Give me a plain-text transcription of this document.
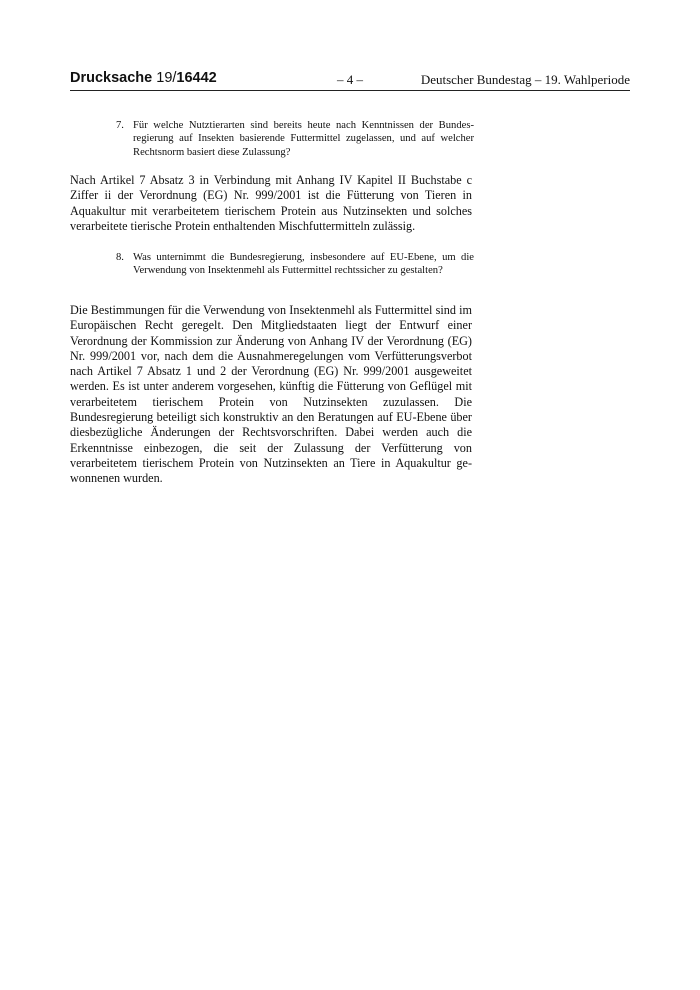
Drucksache 19/16442	– 4 –	Deutscher Bundestag – 19. Wahlperiode
7. Für welche Nutztierarten sind bereits heute nach Kenntnissen der Bundesregierung auf Insekten basierende Futtermittel zugelassen, und auf welcher Rechtsnorm basiert diese Zulassung?
Nach Artikel 7 Absatz 3 in Verbindung mit Anhang IV Kapitel II Buchstabe c Ziffer ii der Verordnung (EG) Nr. 999/2001 ist die Fütterung von Tieren in Aquakultur mit verarbeitetem tierischem Protein aus Nutzinsekten und solches verarbeitete tierische Protein enthaltenden Mischfuttermitteln zulässig.
8. Was unternimmt die Bundesregierung, insbesondere auf EU-Ebene, um die Verwendung von Insektenmehl als Futtermittel rechtssicher zu gestalten?
Die Bestimmungen für die Verwendung von Insektenmehl als Futtermittel sind im Europäischen Recht geregelt. Den Mitgliedstaaten liegt der Entwurf einer Verordnung der Kommission zur Änderung von Anhang IV der Verordnung (EG) Nr. 999/2001 vor, nach dem die Ausnahmeregelungen vom Verfütterungsverbot nach Artikel 7 Absatz 1 und 2 der Verordnung (EG) Nr. 999/2001 ausgeweitet werden. Es ist unter anderem vorgesehen, künftig die Fütterung von Geflügel mit verarbeitetem tierischem Protein von Nutzinsekten zuzulassen. Die Bundesregierung beteiligt sich konstruktiv an den Beratungen auf EU-Ebene über diesbezügliche Änderungen der Rechtsvorschriften. Dabei werden auch die Erkenntnisse einbezogen, die seit der Zulassung der Verfütterung von verarbeitetem tierischem Protein von Nutzinsekten an Tiere in Aquakultur gewonnenen wurden.
